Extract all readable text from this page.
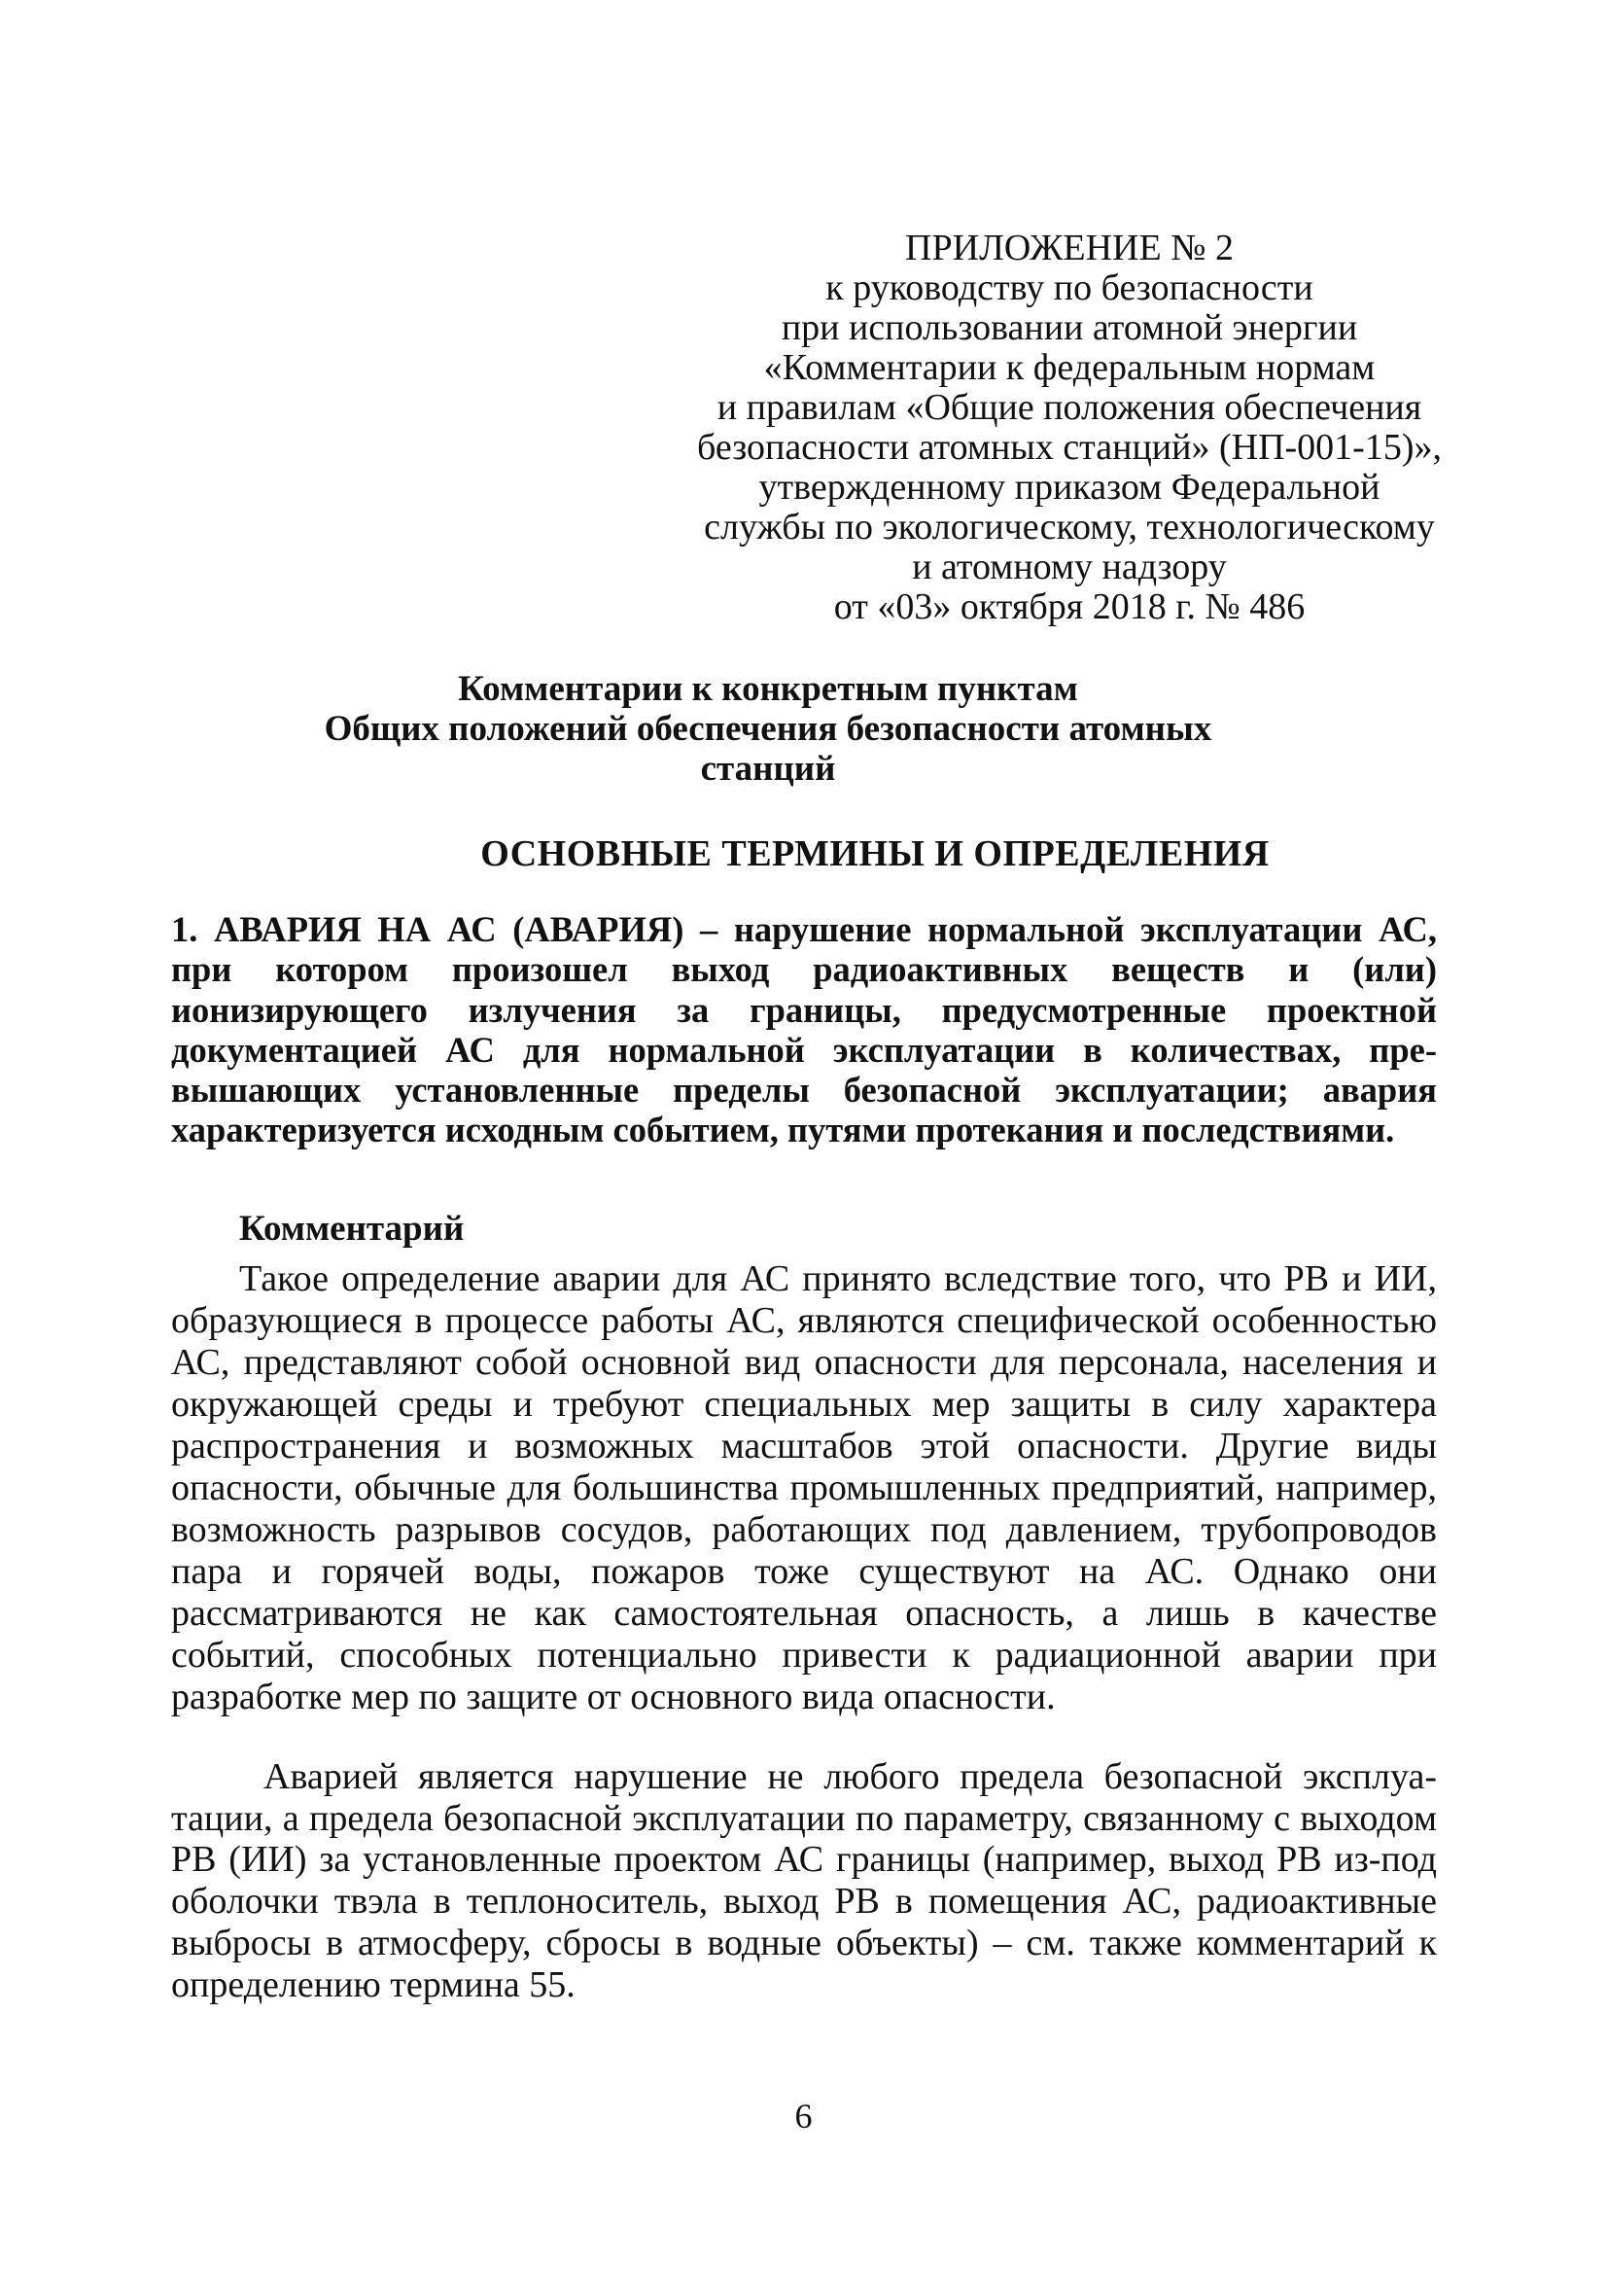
ПРИЛОЖЕНИЕ № 2
к руководству по безопасности
при использовании атомной энергии
«Комментарии к федеральным нормам
и правилам «Общие положения обеспечения
безопасности атомных станций» (НП-001-15)»,
утвержденному приказом Федеральной
службы по экологическому, технологическому
и атомному надзору
от «03» октября 2018 г. № 486
Комментарии к конкретным пунктам
Общих положений обеспечения безопасности атомных
станций
ОСНОВНЫЕ ТЕРМИНЫ И ОПРЕДЕЛЕНИЯ
1. АВАРИЯ НА АС (АВАРИЯ) – нарушение нормальной эксплуатации АС, при котором произошел выход радиоактивных веществ и (или) ионизирующего излучения за границы, предусмотренные проектной документацией АС для нормальной эксплуатации в количествах, превышающих установленные пределы безопасной эксплуатации; авария характеризуется исходным событием, путями протекания и последствиями.
Комментарий
Такое определение аварии для АС принято вследствие того, что РВ и ИИ, образующиеся в процессе работы АС, являются специфической особенностью АС, представляют собой основной вид опасности для персонала, населения и окружающей среды и требуют специальных мер защиты в силу характера распространения и возможных масштабов этой опасности. Другие виды опасности, обычные для большинства промышленных предприятий, например, возможность разрывов сосудов, работающих под давлением, трубопроводов пара и горячей воды, пожаров тоже существуют на АС. Однако они рассматриваются не как самостоятельная опасность, а лишь в качестве событий, способных потенциально привести к радиационной аварии при разработке мер по защите от основного вида опасности.
Аварией является нарушение не любого предела безопасной эксплуатации, а предела безопасной эксплуатации по параметру, связанному с выходом РВ (ИИ) за установленные проектом АС границы (например, выход РВ из-под оболочки твэла в теплоноситель, выход РВ в помещения АС, радиоактивные выбросы в атмосферу, сбросы в водные объекты) – см. также комментарий к определению термина 55.
6
